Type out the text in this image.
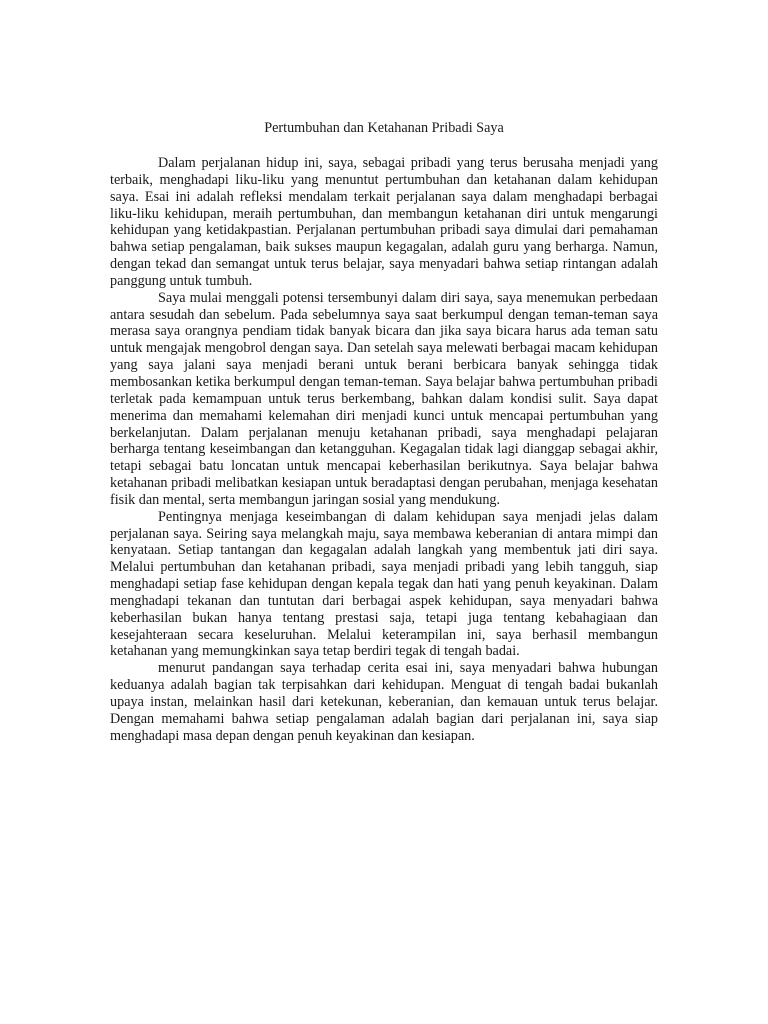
Pertumbuhan dan Ketahanan Pribadi Saya

Dalam perjalanan hidup ini, saya, sebagai pribadi yang terus berusaha menjadi yang terbaik, menghadapi liku-liku yang menuntut pertumbuhan dan ketahanan dalam kehidupan saya. Esai ini adalah refleksi mendalam terkait perjalanan saya dalam menghadapi berbagai liku-liku kehidupan, meraih pertumbuhan, dan membangun ketahanan diri untuk mengarungi kehidupan yang ketidakpastian. Perjalanan pertumbuhan pribadi saya dimulai dari pemahaman bahwa setiap pengalaman, baik sukses maupun kegagalan, adalah guru yang berharga. Namun, dengan tekad dan semangat untuk terus belajar, saya menyadari bahwa setiap rintangan adalah panggung untuk tumbuh.

Saya mulai menggali potensi tersembunyi dalam diri saya, saya menemukan perbedaan antara sesudah dan sebelum. Pada sebelumnya saya saat berkumpul dengan teman-teman saya merasa saya orangnya pendiam tidak banyak bicara dan jika saya bicara harus ada teman satu untuk mengajak mengobrol dengan saya. Dan setelah saya melewati berbagai macam kehidupan yang saya jalani saya menjadi berani untuk berani berbicara banyak sehingga tidak membosankan ketika berkumpul dengan teman-teman. Saya belajar bahwa pertumbuhan pribadi terletak pada kemampuan untuk terus berkembang, bahkan dalam kondisi sulit. Saya dapat menerima dan memahami kelemahan diri menjadi kunci untuk mencapai pertumbuhan yang berkelanjutan. Dalam perjalanan menuju ketahanan pribadi, saya menghadapi pelajaran berharga tentang keseimbangan dan ketangguhan. Kegagalan tidak lagi dianggap sebagai akhir, tetapi sebagai batu loncatan untuk mencapai keberhasilan berikutnya. Saya belajar bahwa ketahanan pribadi melibatkan kesiapan untuk beradaptasi dengan perubahan, menjaga kesehatan fisik dan mental, serta membangun jaringan sosial yang mendukung.

Pentingnya menjaga keseimbangan di dalam kehidupan saya menjadi jelas dalam perjalanan saya. Seiring saya melangkah maju, saya membawa keberanian di antara mimpi dan kenyataan. Setiap tantangan dan kegagalan adalah langkah yang membentuk jati diri saya. Melalui pertumbuhan dan ketahanan pribadi, saya menjadi pribadi yang lebih tangguh, siap menghadapi setiap fase kehidupan dengan kepala tegak dan hati yang penuh keyakinan. Dalam menghadapi tekanan dan tuntutan dari berbagai aspek kehidupan, saya menyadari bahwa keberhasilan bukan hanya tentang prestasi saja, tetapi juga tentang kebahagiaan dan kesejahteraan secara keseluruhan. Melalui keterampilan ini, saya berhasil membangun ketahanan yang memungkinkan saya tetap berdiri tegak di tengah badai.

menurut pandangan saya terhadap cerita esai ini, saya menyadari bahwa hubungan keduanya adalah bagian tak terpisahkan dari kehidupan. Menguat di tengah badai bukanlah upaya instan, melainkan hasil dari ketekunan, keberanian, dan kemauan untuk terus belajar. Dengan memahami bahwa setiap pengalaman adalah bagian dari perjalanan ini, saya siap menghadapi masa depan dengan penuh keyakinan dan kesiapan.
